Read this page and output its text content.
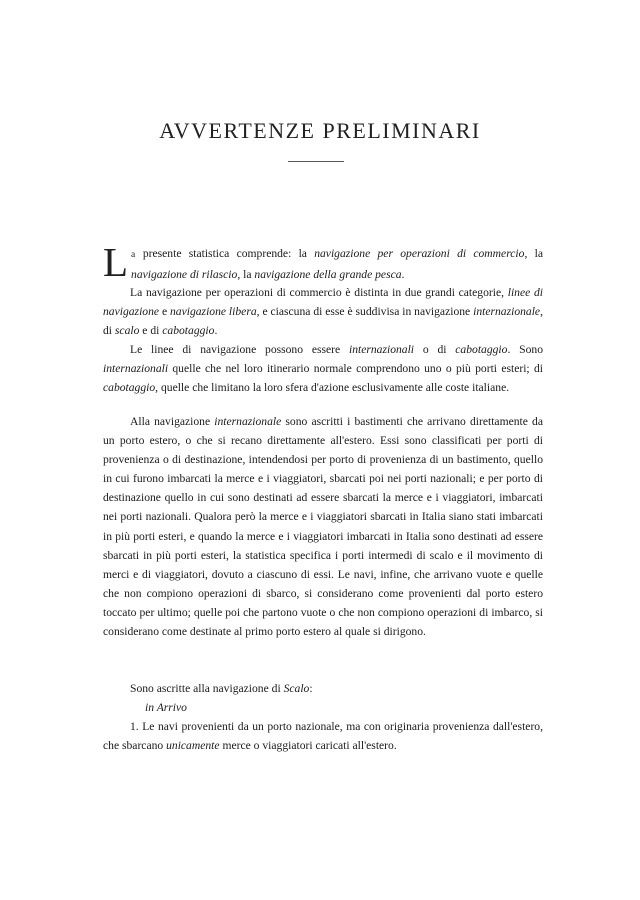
AVVERTENZE PRELIMINARI
La presente statistica comprende: la navigazione per operazioni di commercio, la navigazione di rilascio, la navigazione della grande pesca.

La navigazione per operazioni di commercio è distinta in due grandi categorie, linee di navigazione e navigazione libera, e ciascuna di esse è suddivisa in navigazione internazionale, di scalo e di cabotaggio.

Le linee di navigazione possono essere internazionali o di cabotaggio. Sono internazionali quelle che nel loro itinerario normale comprendono uno o più porti esteri; di cabotaggio, quelle che limitano la loro sfera d'azione esclusivamente alle coste italiane.

Alla navigazione internazionale sono ascritti i bastimenti che arrivano direttamente da un porto estero, o che si recano direttamente all'estero. Essi sono classificati per porti di provenienza o di destinazione, intendendosi per porto di provenienza di un bastimento, quello in cui furono imbarcati la merce e i viaggiatori, sbarcati poi nei porti nazionali; e per porto di destinazione quello in cui sono destinati ad essere sbarcati la merce e i viaggiatori, imbarcati nei porti nazionali. Qualora però la merce e i viaggiatori sbarcati in Italia siano stati imbarcati in più porti esteri, e quando la merce e i viaggiatori imbarcati in Italia sono destinati ad essere sbarcati in più porti esteri, la statistica specifica i porti intermedi di scalo e il movimento di merci e di viaggiatori, dovuto a ciascuno di essi. Le navi, infine, che arrivano vuote e quelle che non compiono operazioni di sbarco, si considerano come provenienti dal porto estero toccato per ultimo; quelle poi che partono vuote o che non compiono operazioni di imbarco, si considerano come destinate al primo porto estero al quale si dirigono.

Sono ascritte alla navigazione di Scalo:

in Arrivo

1. Le navi provenienti da un porto nazionale, ma con originaria provenienza dall'estero, che sbarcano unicamente merce o viaggiatori caricati all'estero.
